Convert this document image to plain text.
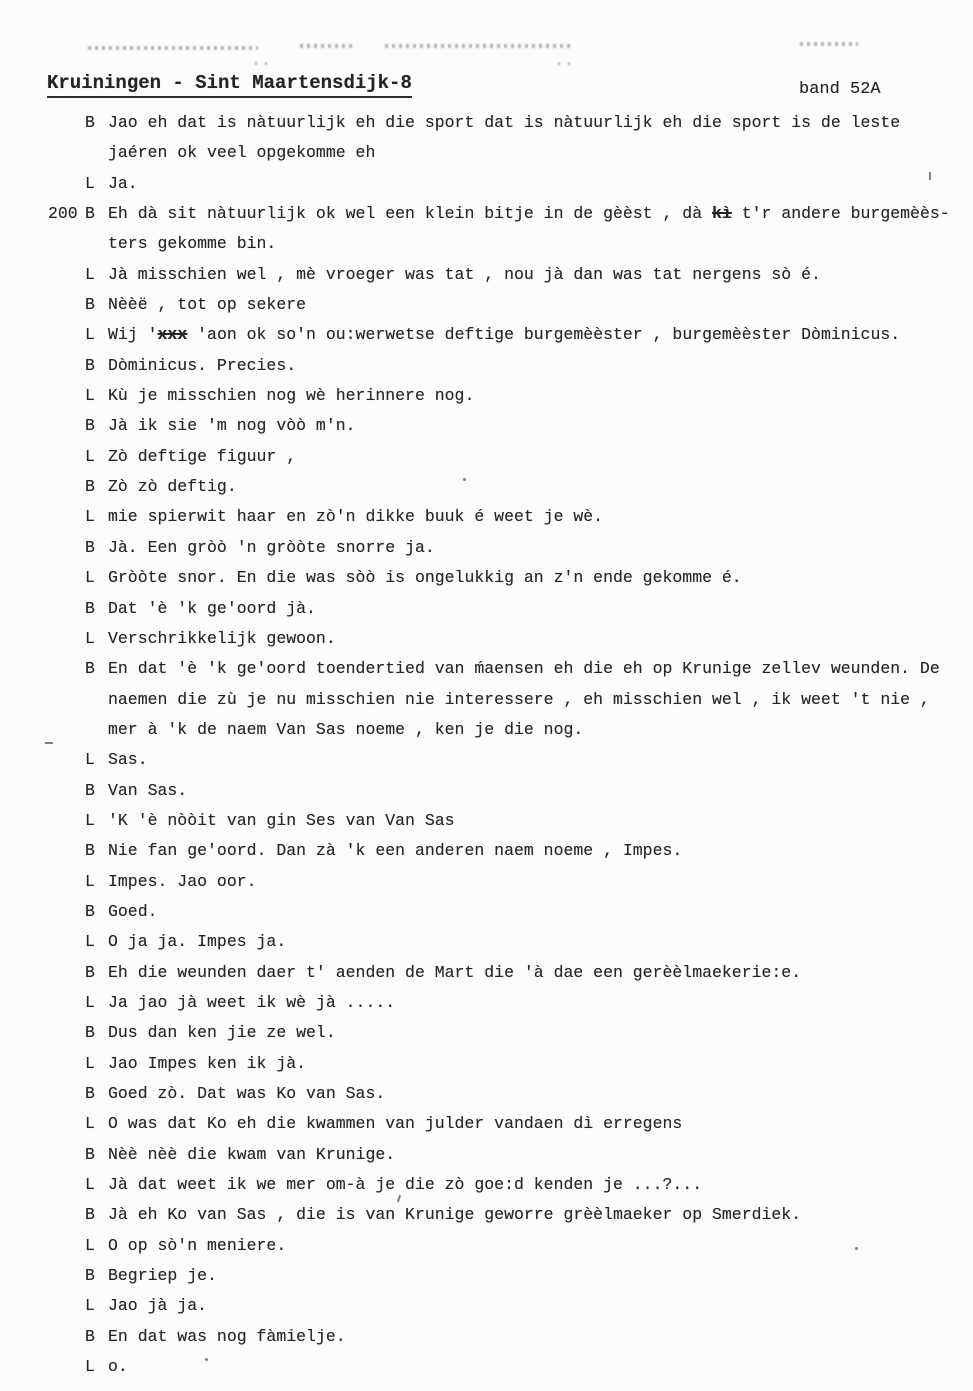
Kruiningen - Sint Maartensdijk-8	band 52A
B Jao eh dat is nàtuurlijk eh die sport dat is nàtuurlijk eh die sport is de leste
jaéren ok veel opgekomme eh
L Ja.
200 B Eh dà sit nàtuurlijk ok wel een klein bitje in de gèèst , dà kì t'r andere burgemèès-
ters gekomme bin.
L Jà misschien wel , mè vroeger was tat , nou jà dan was tat nergens sò é.
B Nèèë , tot op sekere
L Wij 'xxx 'aon ok so'n ou:werwetse deftige burgemèèster , burgemèèster Dòminicus.
B Dòminicus. Precies.
L Kù je misschien nog wè herinnere nog.
B Jà ik sie 'm nog vòò m'n.
L Zò deftige figuur ,
B Zò zò deftig.
L mie spierwit haar en zò'n dikke buuk é weet je wè.
B Jà. Een gròò 'n gròòte snorre ja.
L Gròòte snor. En die was sòò is ongelukkig an z'n ende gekomme é.
B Dat 'è 'k ge'oord jà.
L Verschrikkelijk gewoon.
B En dat 'è 'k ge'oord toendertied van ḿaensen eh die eh op Krunige zellev weunden. De
naemen die zù je nu misschien nie interessere , eh misschien wel , ik weet 't nie ,
mer à 'k de naem Van Sas noeme , ken je die nog.
L Sas.
B Van Sas.
L 'K 'è nòòit van gin Ses van Van Sas
B Nie fan ge'oord. Dan zà 'k een anderen naem noeme , Impes.
L Impes. Jao oor.
B Goed.
L O ja ja. Impes ja.
B Eh die weunden daer t' aenden de Mart die 'à dae een gerèèlmaekerie:e.
L Ja jao jà weet ik wè jà .....
B Dus dan ken jie ze wel.
L Jao Impes ken ik jà.
B Goed zò. Dat was Ko van Sas.
L O was dat Ko eh die kwammen van julder vandaen dì erregens
B Nèè nèè die kwam van Krunige.
L Jà dat weet ik we mer om-à je die zò goe:d kenden je ...?...
B Jà eh Ko van Sas , die is van Krunige geworre grèèlmaeker op Smerdiek.
L O op sò'n meniere.
B Begriep je.
L Jao jà ja.
B En dat was nog fàmielje.
L o.
